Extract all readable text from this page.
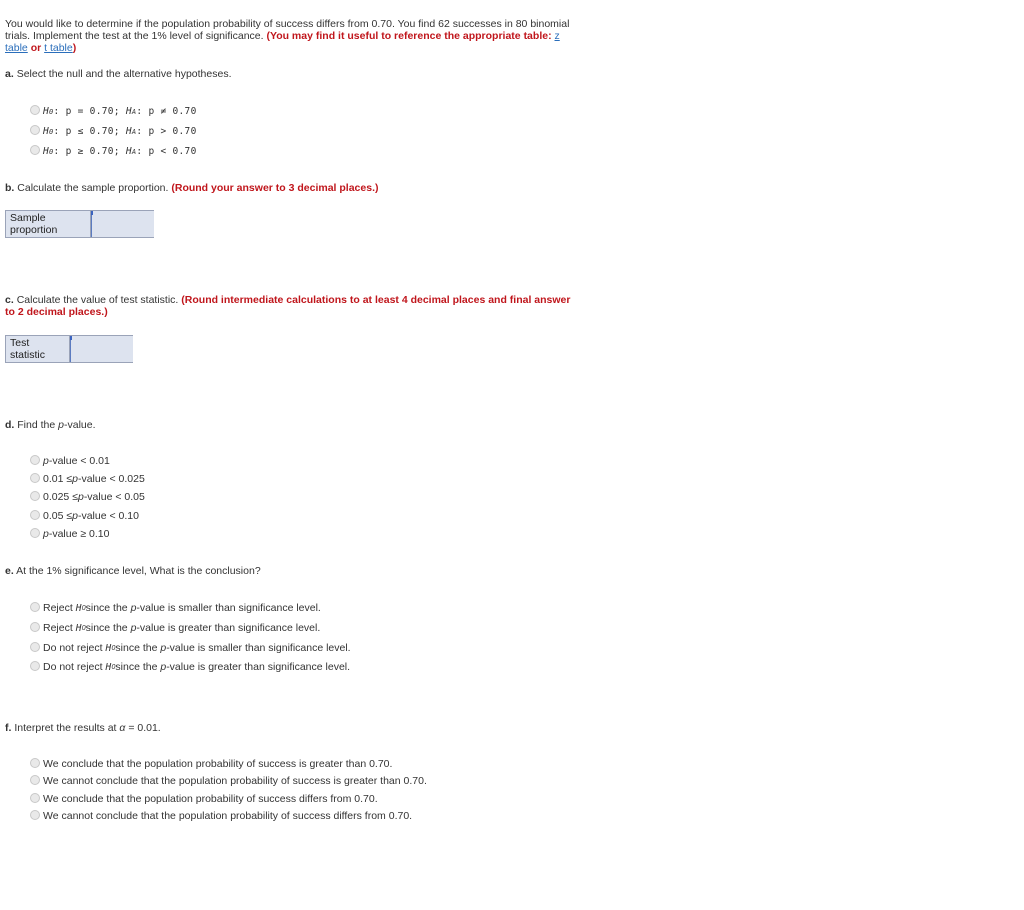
You would like to determine if the population probability of success differs from 0.70. You find 62 successes in 80 binomial trials. Implement the test at the 1% level of significance. (You may find it useful to reference the appropriate table: z table or t table)
a. Select the null and the alternative hypotheses.
H 0 :
p = 0.70;
H A :
p ≠ 0.70
H 0 :
p ≤ 0.70;
H A :
p > 0.70
H 0 :
p ≥ 0.70;
H A :
p < 0.70
b. Calculate the sample proportion. (Round your answer to 3 decimal places.)
Sample
proportion
c. Calculate the value of test statistic. (Round intermediate calculations to at least 4 decimal places and final answer
to 2 decimal places.)
Test
statistic
d. Find the p-value.
p -value < 0.01
0.01 ≤ p -value < 0.025
0.025 ≤ p -value < 0.05
0.05 ≤ p -value < 0.10
p -value ≥ 0.10
e. At the 1% significance level, What is the conclusion?
Reject
H 0 since the
p -value is smaller than significance level.
Reject
H 0 since the
p -value is greater than significance level.
Do not reject
H 0 since the
p -value is smaller than significance level.
Do not reject
H 0 since the
p -value is greater than significance level.
f. Interpret the results at α = 0.01.
We conclude that the population probability of success is greater than 0.70.
We cannot conclude that the population probability of success is greater than 0.70.
We conclude that the population probability of success differs from 0.70.
We cannot conclude that the population probability of success differs from 0.70.
